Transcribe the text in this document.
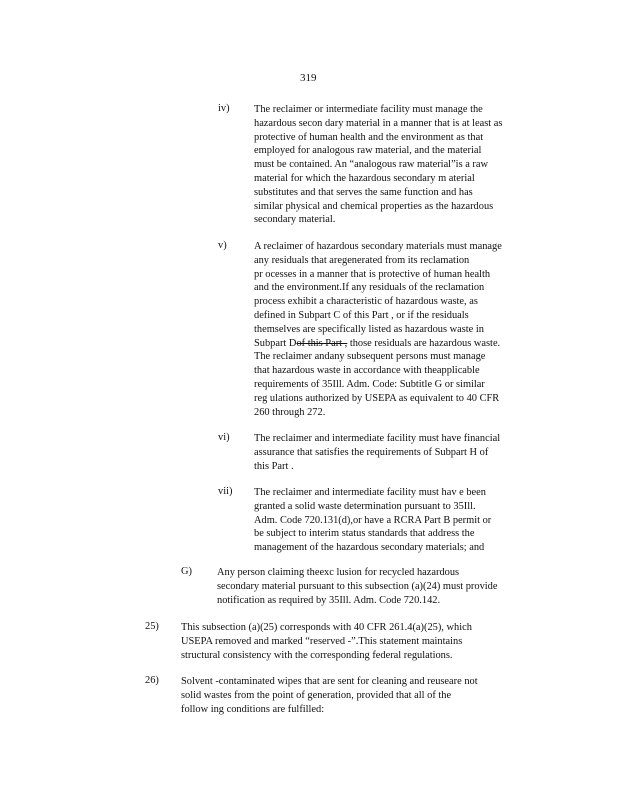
319
iv) The reclaimer or intermediate facility must manage the
hazardous secon dary material in a manner that is at least as
protective of human health and the environment as that
employed for analogous raw material, and the material
must be contained. An “analogous raw material”is a raw
material for which the hazardous secondary m aterial
substitutes and that serves the same function and has
similar physical and chemical properties as the hazardous
secondary material.
v)	A reclaimer of hazardous secondary materials must manage
any residuals that aregenerated from its reclamation
pr ocesses in a manner that is protective of human health
and the environment.If any residuals of the reclamation
process exhibit a characteristic of hazardous waste, as
defined in Subpart C of this Part , or if the residuals
themselves are specifically listed as hazardous waste in
Subpart Dof this Part , those residuals are hazardous waste.
The reclaimer andany subsequent persons must manage
that hazardous waste in accordance with theapplicable
requirements of 35Ill. Adm. Code: Subtitle G or similar
reg ulations authorized by USEPA as equivalent to 40 CFR
260 through 272.
vi) The reclaimer and intermediate facility must have financial
assurance that satisfies the requirements of Subpart H of
this Part .
vii) The reclaimer and intermediate facility must hav e been
granted a solid waste determination pursuant to 35Ill.
Adm. Code 720.131(d),or have a RCRA Part B permit or
be subject to interim status standards that address the
management of the hazardous secondary materials; and
G) Any person claiming theexc lusion for recycled hazardous
secondary material pursuant to this subsection (a)(24) must provide
notification as required by 35Ill. Adm. Code 720.142.
25) This subsection (a)(25) corresponds with 40 CFR 261.4(a)(25), which
USEPA removed and marked “reserved -”.This statement maintains
structural consistency with the corresponding federal regulations.
26) Solvent -contaminated wipes that are sent for cleaning and reuseare not
solid wastes from the point of generation, provided that all of the
follow ing conditions are fulfilled:
